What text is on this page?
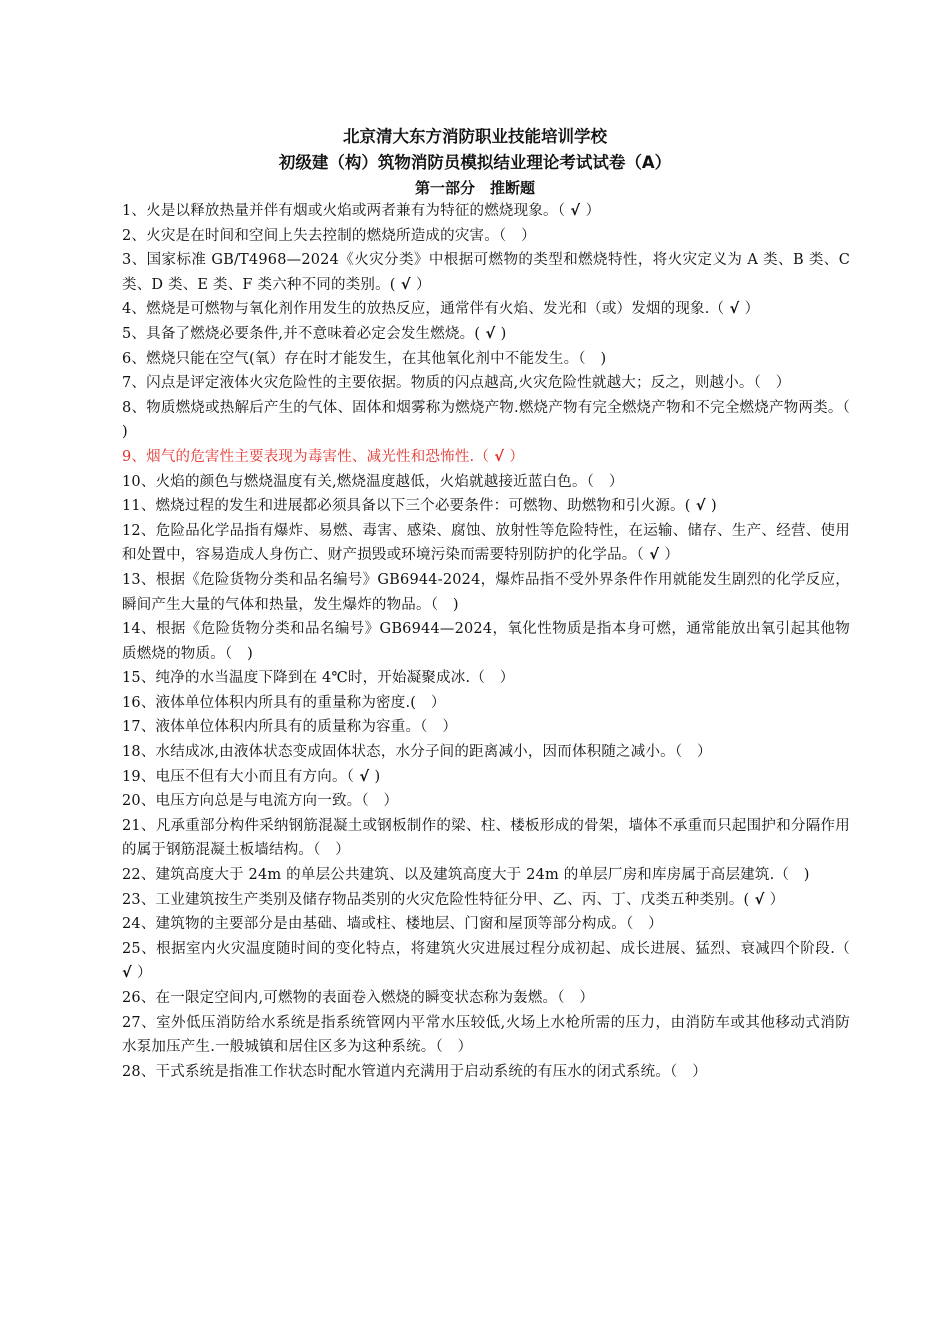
北京清大东方消防职业技能培训学校

初级建（构）筑物消防员模拟结业理论考试试卷（A）

第一部分　推断题

1、火是以释放热量并伴有烟或火焰或两者兼有为特征的燃烧现象。（ √ ）

2、火灾是在时间和空间上失去控制的燃烧所造成的灾害。（　 ）

3、国家标准 GB/T4968—2024《火灾分类》中根据可燃物的类型和燃烧特性，将火灾定义为 A 类、B 类、C 类、D 类、E 类、F 类六种不同的类别。( √ ）

4、燃烧是可燃物与氧化剂作用发生的放热反应，通常伴有火焰、发光和（或）发烟的现象.（ √ ）

5、具备了燃烧必要条件,并不意味着必定会发生燃烧。( √ )

6、燃烧只能在空气(氧）存在时才能发生，在其他氧化剂中不能发生。（　 )

7、闪点是评定液体火灾危险性的主要依据。物质的闪点越高,火灾危险性就越大；反之，则越小。（　 ）

8、物质燃烧或热解后产生的气体、固体和烟雾称为燃烧产物.燃烧产物有完全燃烧产物和不完全燃烧产物两类。（　)

9、烟气的危害性主要表现为毒害性、减光性和恐怖性.（ √ ）

10、火焰的颜色与燃烧温度有关,燃烧温度越低，火焰就越接近蓝白色。（　 ）

11、燃烧过程的发生和进展都必须具备以下三个必要条件：可燃物、助燃物和引火源。( √ )

12、危险品化学品指有爆炸、易燃、毒害、感染、腐蚀、放射性等危险特性，在运输、储存、生产、经营、使用和处置中，容易造成人身伤亡、财产损毁或环境污染而需要特别防护的化学品。（ √ ）

13、根据《危险货物分类和品名编号》GB6944-2024，爆炸品指不受外界条件作用就能发生剧烈的化学反应，瞬间产生大量的气体和热量，发生爆炸的物品。（　 )

14、根据《危险货物分类和品名编号》GB6944—2024，氧化性物质是指本身可燃，通常能放出氧引起其他物质燃烧的物质。（　 )

15、纯净的水当温度下降到在 4℃时，开始凝聚成冰.（　 ）

16、液体单位体积内所具有的重量称为密度.(　 ）

17、液体单位体积内所具有的质量称为容重。（　 ）

18、水结成冰,由液体状态变成固体状态，水分子间的距离减小，因而体积随之减小。（　 ）

19、电压不但有大小而且有方向。（ √ )

20、电压方向总是与电流方向一致。（　 ）

21、凡承重部分构件采纳钢筋混凝土或钢板制作的梁、柱、楼板形成的骨架，墙体不承重而只起围护和分隔作用的属于钢筋混凝土板墙结构。（　 ）

22、建筑高度大于 24m 的单层公共建筑、以及建筑高度大于 24m 的单层厂房和库房属于高层建筑.（　 )

23、工业建筑按生产类别及储存物品类别的火灾危险性特征分甲、乙、丙、丁、戊类五种类别。( √ ）

24、建筑物的主要部分是由基础、墙或柱、楼地层、门窗和屋顶等部分构成。（　 ）

25、根据室内火灾温度随时间的变化特点，将建筑火灾进展过程分成初起、成长进展、猛烈、衰减四个阶段.（ √ ）

26、在一限定空间内,可燃物的表面卷入燃烧的瞬变状态称为轰燃。（　 ）

27、室外低压消防给水系统是指系统管网内平常水压较低,火场上水枪所需的压力，由消防车或其他移动式消防水泵加压产生.一般城镇和居住区多为这种系统。（　 ）

28、干式系统是指准工作状态时配水管道内充满用于启动系统的有压水的闭式系统。（　 ）
